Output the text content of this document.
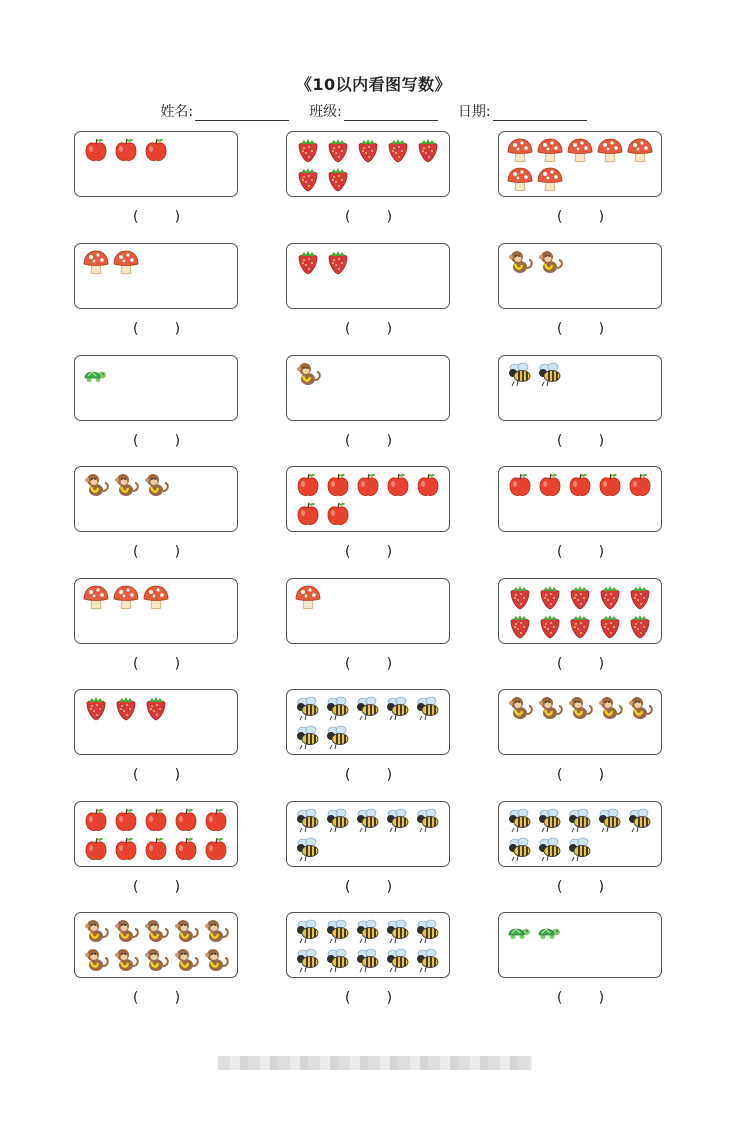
《10以内看图写数》
姓名:	班级:	日期:
(    )	(    )	(    )
(    )	(    )	(    )
(    )	(    )	(    )
(    )	(    )	(    )
(    )	(    )	(    )
(    )	(    )	(    )
(    )	(    )	(    )
(    )	(    )	(    )
